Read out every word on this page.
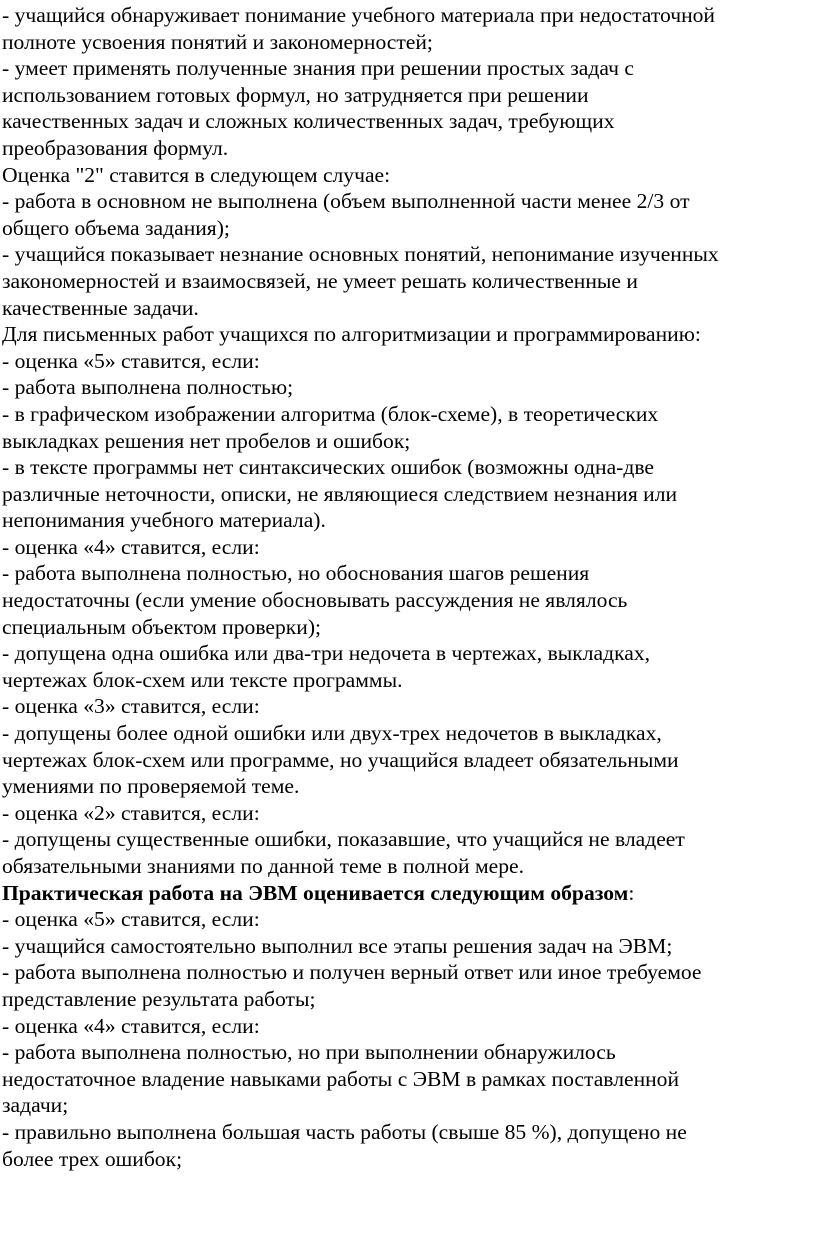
- учащийся обнаруживает понимание учебного материала при недостаточной
полноте усвоения понятий и закономерностей;
- умеет применять полученные знания при решении простых задач с
использованием готовых формул, но затрудняется при решении
качественных задач и сложных количественных задач, требующих
преобразования формул.
Оценка "2" ставится в следующем случае:
- работа в основном не выполнена (объем выполненной части менее 2/3 от
общего объема задания);
- учащийся показывает незнание основных понятий, непонимание изученных
закономерностей и взаимосвязей, не умеет решать количественные и
качественные задачи.
Для письменных работ учащихся по алгоритмизации и программированию:
- оценка «5» ставится, если:
- работа выполнена полностью;
- в графическом изображении алгоритма (блок-схеме), в теоретических
выкладках решения нет пробелов и ошибок;
- в тексте программы нет синтаксических ошибок (возможны одна-две
различные неточности, описки, не являющиеся следствием незнания или
непонимания учебного материала).
- оценка «4» ставится, если:
- работа выполнена полностью, но обоснования шагов решения
недостаточны (если умение обосновывать рассуждения не являлось
специальным объектом проверки);
- допущена одна ошибка или два-три недочета в чертежах, выкладках,
чертежах блок-схем или тексте программы.
- оценка «3» ставится, если:
- допущены более одной ошибки или двух-трех недочетов в выкладках,
чертежах блок-схем или программе, но учащийся владеет обязательными
умениями по проверяемой теме.
- оценка «2» ставится, если:
- допущены существенные ошибки, показавшие, что учащийся не владеет
обязательными знаниями по данной теме в полной мере.
Практическая работа на ЭВМ оценивается следующим образом:
- оценка «5» ставится, если:
- учащийся самостоятельно выполнил все этапы решения задач на ЭВМ;
- работа выполнена полностью и получен верный ответ или иное требуемое
представление результата работы;
- оценка «4» ставится, если:
- работа выполнена полностью, но при выполнении обнаружилось
недостаточное владение навыками работы с ЭВМ в рамках поставленной
задачи;
- правильно выполнена большая часть работы (свыше 85 %), допущено не
более трех ошибок;
